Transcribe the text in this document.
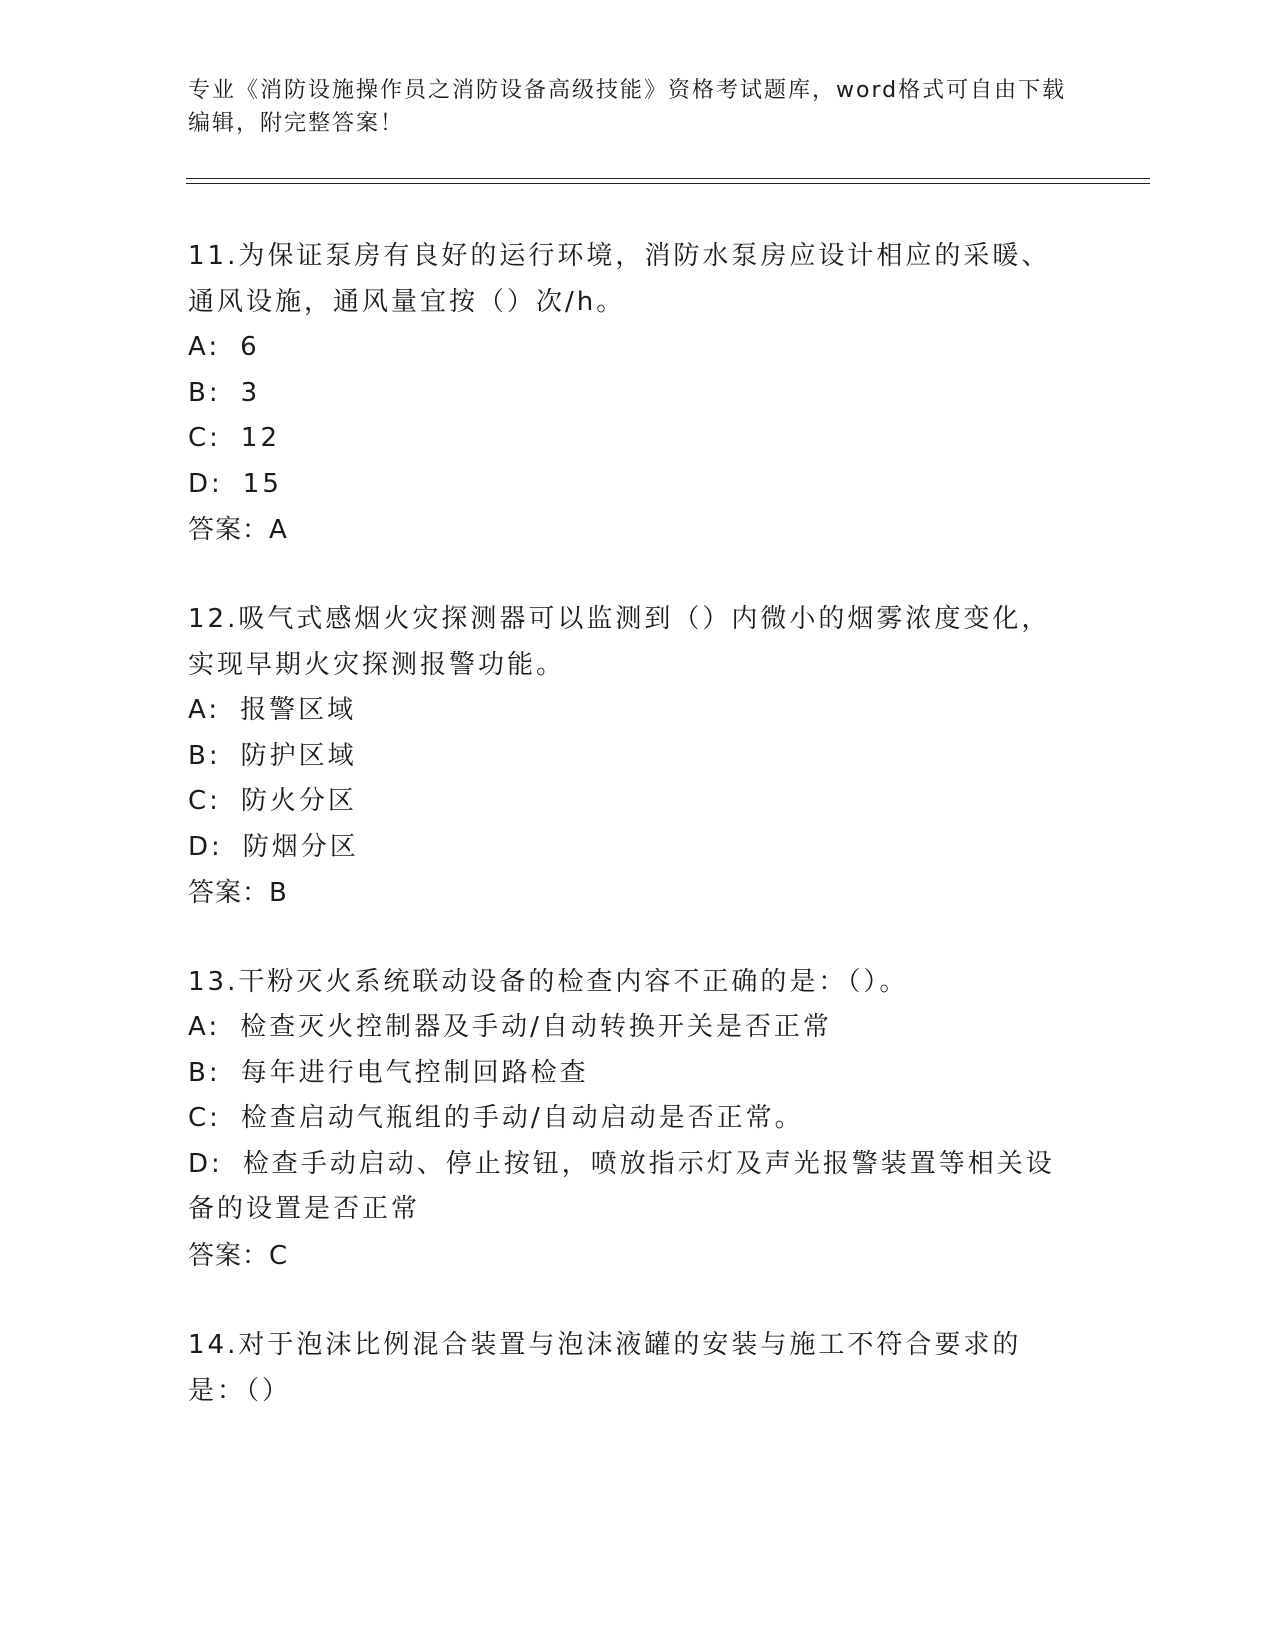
专业《消防设施操作员之消防设备高级技能》资格考试题库，word格式可自由下载编辑，附完整答案！

11.为保证泵房有良好的运行环境，消防水泵房应设计相应的采暖、通风设施，通风量宜按（）次/h。

A: 6

B: 3

C: 12

D: 15

答案：A

12.吸气式感烟火灾探测器可以监测到（）内微小的烟雾浓度变化，实现早期火灾探测报警功能。

A: 报警区域

B: 防护区域

C: 防火分区

D: 防烟分区

答案：B

13.干粉灭火系统联动设备的检查内容不正确的是：（）。

A: 检查灭火控制器及手动/自动转换开关是否正常

B: 每年进行电气控制回路检查

C: 检查启动气瓶组的手动/自动启动是否正常。

D: 检查手动启动、停止按钮，喷放指示灯及声光报警装置等相关设备的设置是否正常

答案：C

14.对于泡沫比例混合装置与泡沫液罐的安装与施工不符合要求的是：（）
